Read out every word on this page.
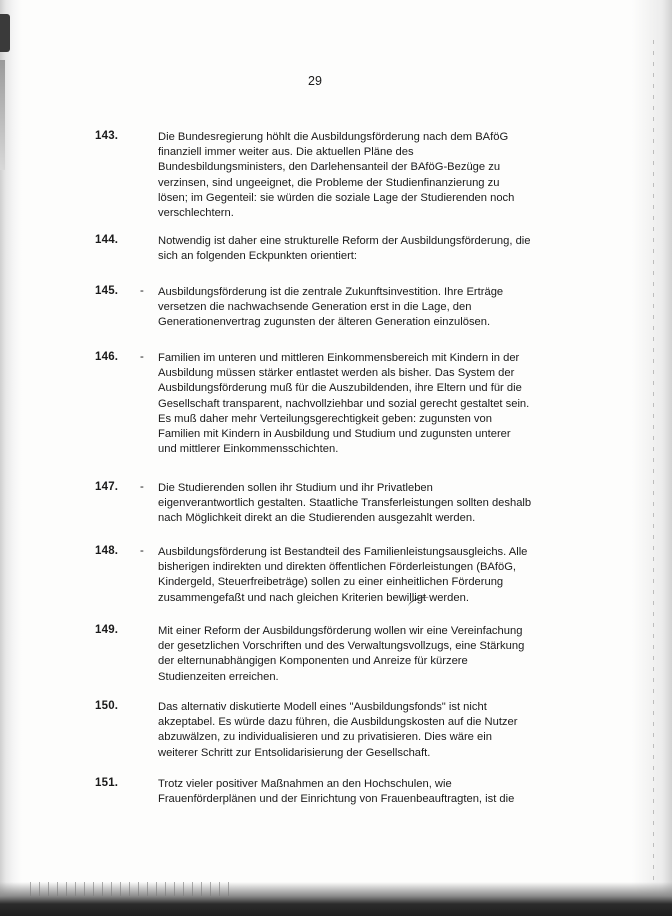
29
143.	Die Bundesregierung höhlt die Ausbildungsförderung nach dem BAföG
finanziell immer weiter aus. Die aktuellen Pläne des
Bundesbildungsministers, den Darlehensanteil der BAföG-Bezüge zu
verzinsen, sind ungeeignet, die Probleme der Studienfinanzierung zu
lösen; im Gegenteil: sie würden die soziale Lage der Studierenden noch
verschlechtern.
144.	Notwendig ist daher eine strukturelle Reform der Ausbildungsförderung, die
sich an folgenden Eckpunkten orientiert:
145. - Ausbildungsförderung ist die zentrale Zukunftsinvestition. Ihre Erträge
versetzen die nachwachsende Generation erst in die Lage, den
Generationenvertrag zugunsten der älteren Generation einzulösen.
146. - Familien im unteren und mittleren Einkommensbereich mit Kindern in der
Ausbildung müssen stärker entlastet werden als bisher. Das System der
Ausbildungsförderung muß für die Auszubildenden, ihre Eltern und für die
Gesellschaft transparent, nachvollziehbar und sozial gerecht gestaltet sein.
Es muß daher mehr Verteilungsgerechtigkeit geben: zugunsten von
Familien mit Kindern in Ausbildung und Studium und zugunsten unterer
und mittlerer Einkommensschichten.
147. - Die Studierenden sollen ihr Studium und ihr Privatleben
eigenverantwortlich gestalten. Staatliche Transferleistungen sollten deshalb
nach Möglichkeit direkt an die Studierenden ausgezahlt werden.
148. - Ausbildungsförderung ist Bestandteil des Familienleistungsausgleichs. Alle
bisherigen indirekten und direkten öffentlichen Förderleistungen (BAföG,
Kindergeld, Steuerfreibeträge) sollen zu einer einheitlichen Förderung
zusammengefaßt und nach gleichen Kriterien bewilligt werden.
149.	Mit einer Reform der Ausbildungsförderung wollen wir eine Vereinfachung
der gesetzlichen Vorschriften und des Verwaltungsvollzugs, eine Stärkung
der elternunabhängigen Komponenten und Anreize für kürzere
Studienzeiten erreichen.
150.	Das alternativ diskutierte Modell eines "Ausbildungsfonds" ist nicht
akzeptabel. Es würde dazu führen, die Ausbildungskosten auf die Nutzer
abzuwälzen, zu individualisieren und zu privatisieren. Dies wäre ein
weiterer Schritt zur Entsolidarisierung der Gesellschaft.
151.	Trotz vieler positiver Maßnahmen an den Hochschulen, wie
Frauenförderplänen und der Einrichtung von Frauenbeauftragten, ist die
